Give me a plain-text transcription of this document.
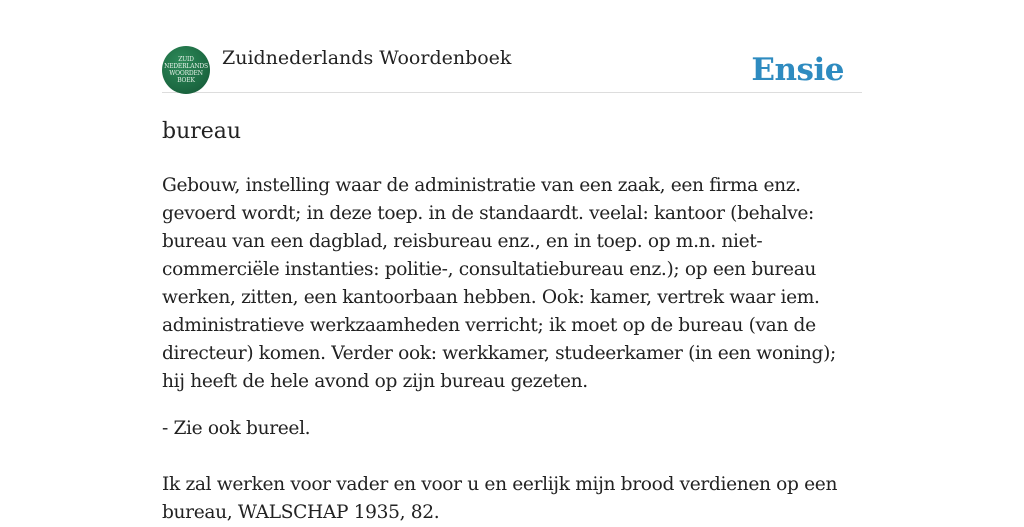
ZUID
NEDERLANDS
WOORDEN
BOEK
Zuidnederlands Woordenboek	Ensie
bureau
Gebouw, instelling waar de administratie van een zaak, een firma enz. gevoerd wordt; in deze toep. in de standaardt. veelal: kantoor (behalve: bureau van een dagblad, reisbureau enz., en in toep. op m.n. niet-commerciële instanties: politie-, consultatiebureau enz.); op een bureau werken, zitten, een kantoorbaan hebben. Ook: kamer, vertrek waar iem. administratieve werkzaamheden verricht; ik moet op de bureau (van de directeur) komen. Verder ook: werkkamer, studeerkamer (in een woning); hij heeft de hele avond op zijn bureau gezeten.
- Zie ook bureel.
Ik zal werken voor vader en voor u en eerlijk mijn brood verdienen op een bureau, WALSCHAP 1935, 82.
